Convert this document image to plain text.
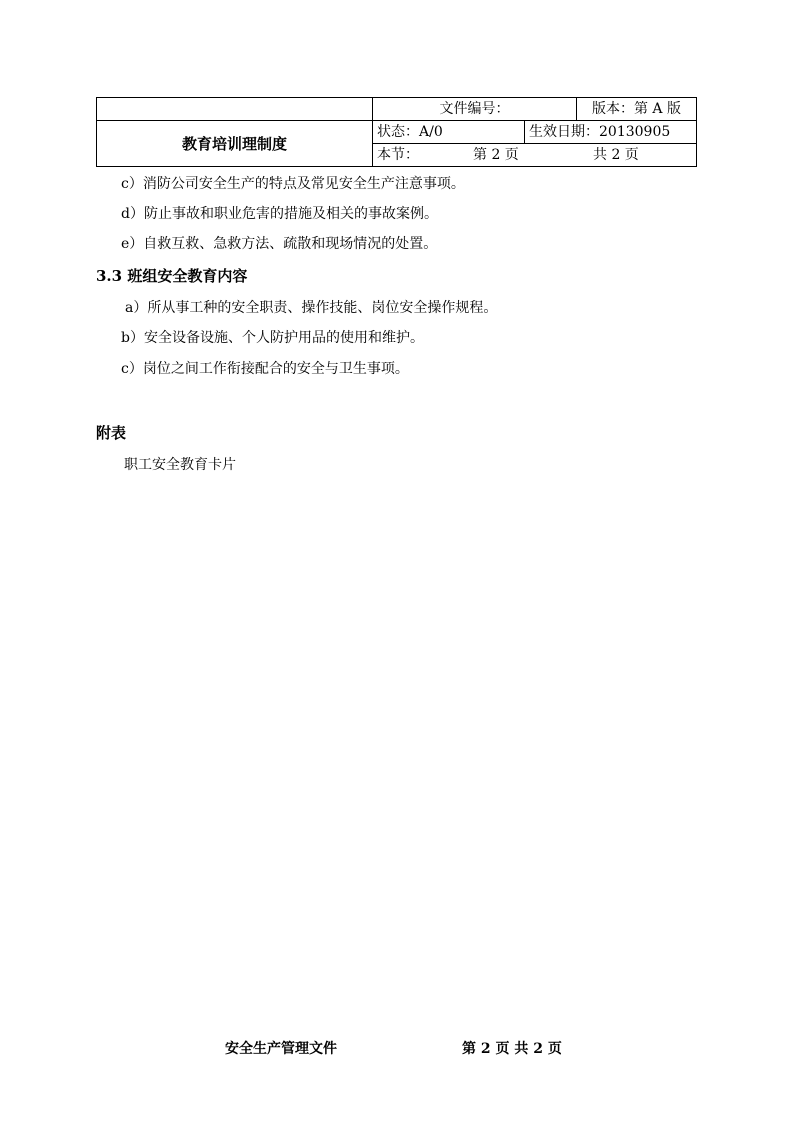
	文件编号：		版本：第 A 版
教育培训理制度	状态：A/0	生效日期：20130905	
	本节： 第 2 页 共 2 页		
c）消防公司安全生产的特点及常见安全生产注意事项。
d）防止事故和职业危害的措施及相关的事故案例。
e）自救互救、急救方法、疏散和现场情况的处置。
3.3 班组安全教育内容
a）所从事工种的安全职责、操作技能、岗位安全操作规程。
b）安全设备设施、个人防护用品的使用和维护。
c）岗位之间工作衔接配合的安全与卫生事项。
附表
职工安全教育卡片
安全生产管理文件	第 2 页 共 2 页
